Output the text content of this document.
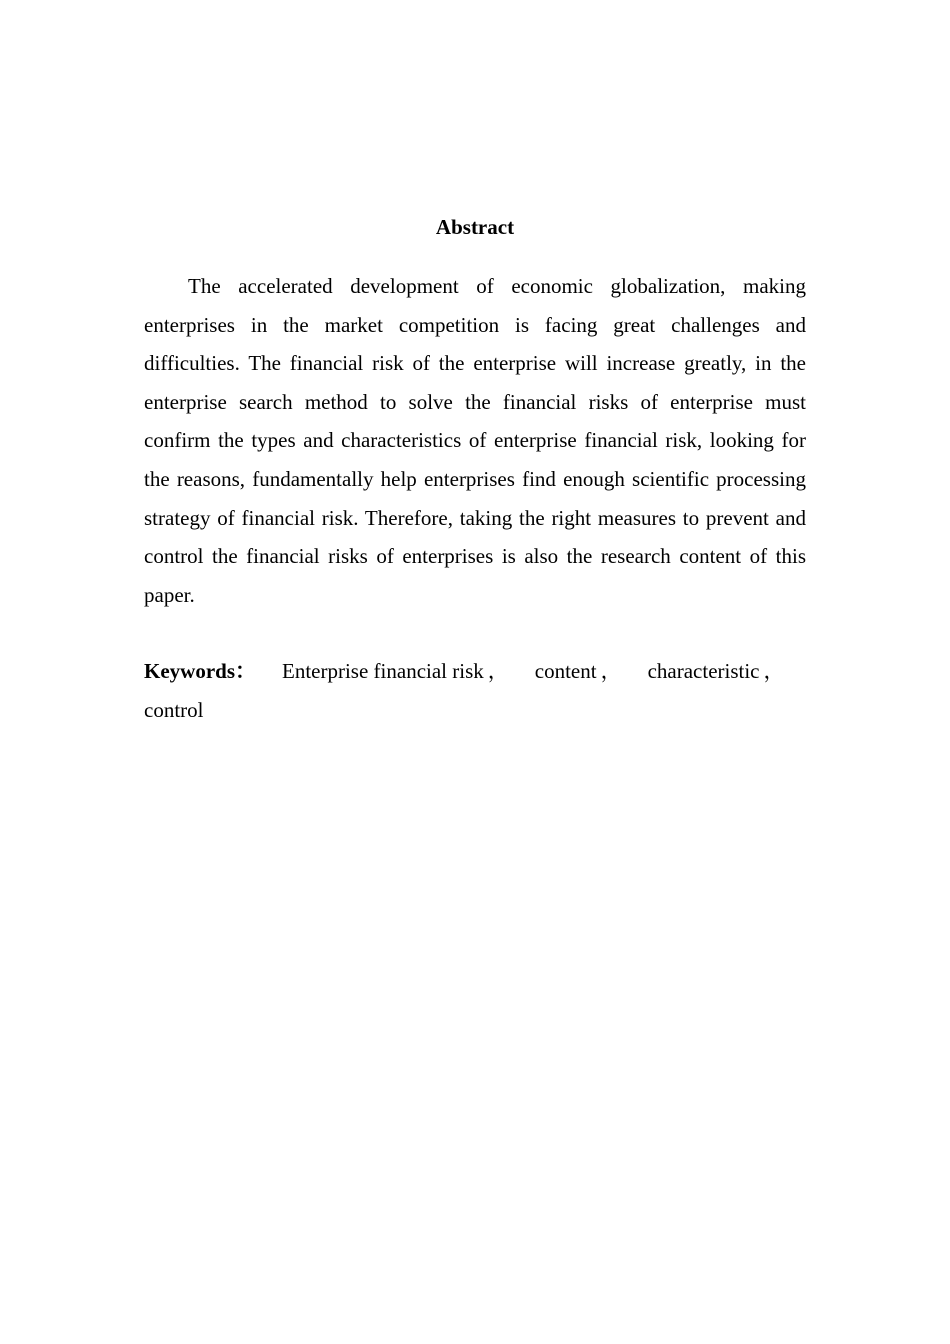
Abstract

The accelerated development of economic globalization, making enterprises in the market competition is facing great challenges and difficulties. The financial risk of the enterprise will increase greatly, in the enterprise search method to solve the financial risks of enterprise must confirm the types and characteristics of enterprise financial risk, looking for the reasons, fundamentally help enterprises find enough scientific processing strategy of financial risk. Therefore, taking the right measures to prevent and control the financial risks of enterprises is also the research content of this paper.

Keywords： Enterprise financial risk ， content ， characteristic ，
control
